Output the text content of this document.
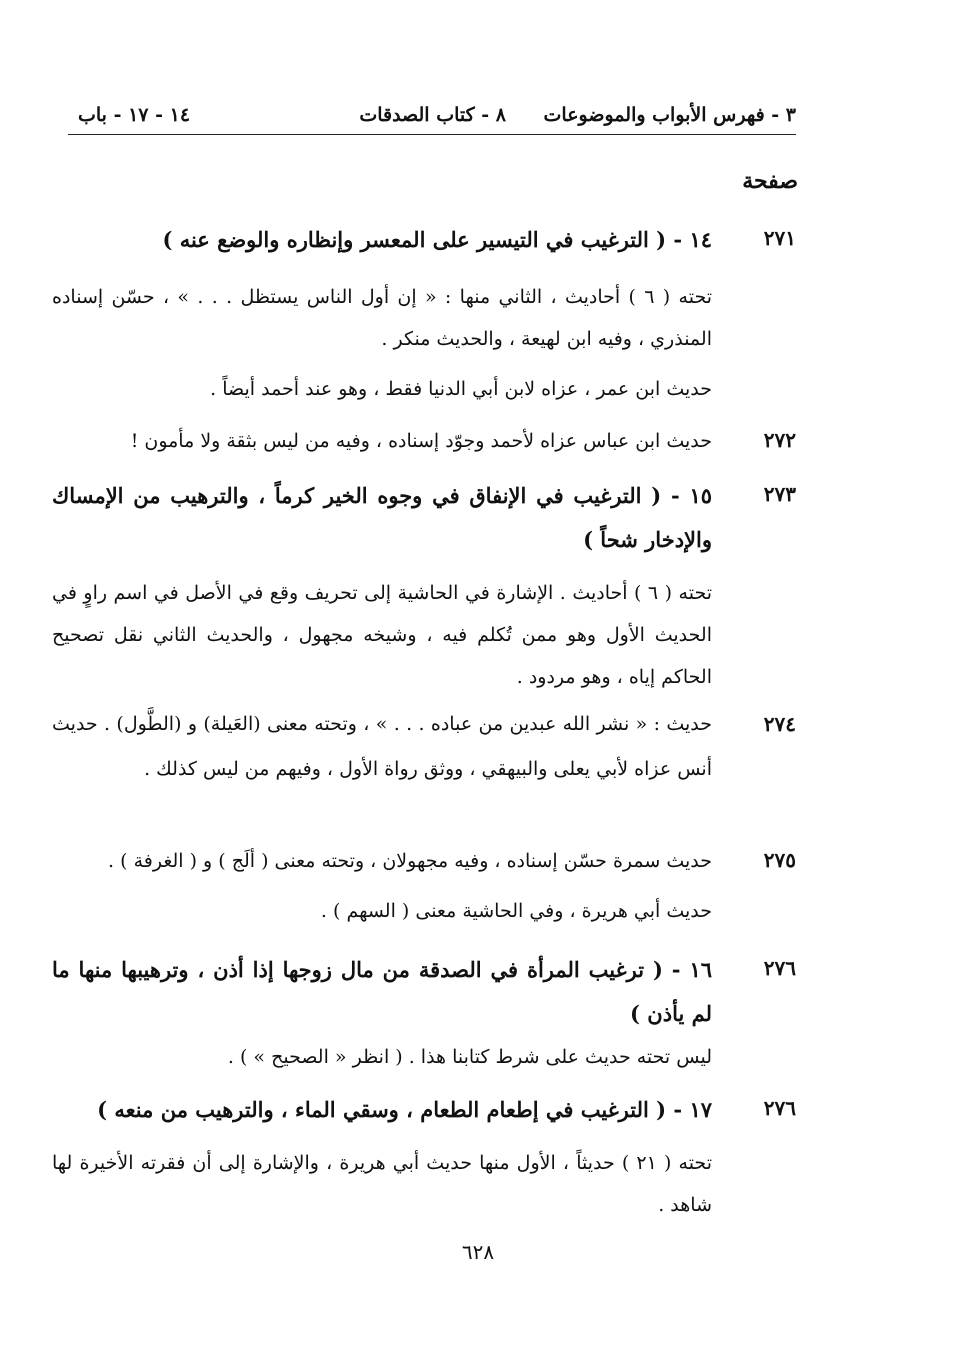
٣ - فهرس الأبواب والموضوعات
٨ - كتاب الصدقات
١٤ - ١٧ - باب
صفحة
٢٧١
١٤ - ( الترغيب في التيسير على المعسر وإنظاره والوضع عنه )
تحته ( ٦ ) أحاديث ، الثاني منها : « إن أول الناس يستظل . . . » ، حسّن إسناده المنذري ، وفيه ابن لهيعة ، والحديث منكر .
حديث ابن عمر ، عزاه لابن أبي الدنيا فقط ، وهو عند أحمد أيضاً .
٢٧٢
حديث ابن عباس عزاه لأحمد وجوّد إسناده ، وفيه من ليس بثقة ولا مأمون !
٢٧٣
١٥ - ( الترغيب في الإنفاق في وجوه الخير كرماً ، والترهيب من الإمساك والإدخار شحاً )
تحته ( ٦ ) أحاديث . الإشارة في الحاشية إلى تحريف وقع في الأصل في اسم راوٍ في الحديث الأول وهو ممن تُكلم فيه ، وشيخه مجهول ، والحديث الثاني نقل تصحيح الحاكم إياه ، وهو مردود .
٢٧٤
حديث : « نشر الله عبدين من عباده . . . » ، وتحته معنى (العَيلة) و (الطَّول) . حديث أنس عزاه لأبي يعلى والبيهقي ، ووثق رواة الأول ، وفيهم من ليس كذلك .
٢٧٥
حديث سمرة حسّن إسناده ، وفيه مجهولان ، وتحته معنى ( ألَج ) و ( الغرفة ) .
حديث أبي هريرة ، وفي الحاشية معنى ( السهم ) .
٢٧٦
١٦ - ( ترغيب المرأة في الصدقة من مال زوجها إذا أذن ، وترهيبها منها ما لم يأذن )
ليس تحته حديث على شرط كتابنا هذا . ( انظر « الصحيح » ) .
٢٧٦
١٧ - ( الترغيب في إطعام الطعام ، وسقي الماء ، والترهيب من منعه )
تحته ( ٢١ ) حديثاً ، الأول منها حديث أبي هريرة ، والإشارة إلى أن فقرته الأخيرة لها شاهد .
٦٢٨
